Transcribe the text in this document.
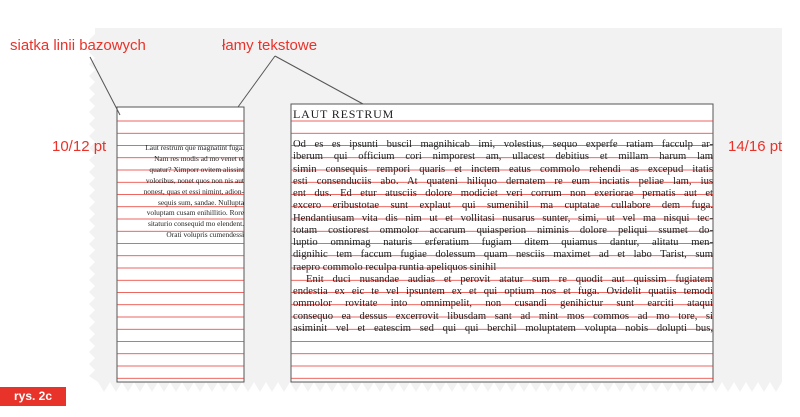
siatka linii bazowych	łamy tekstowe
10/12 pt	14/16 pt
Laut restrum que magnatint fuga.
Nam res modis ad mo venet et
quatur? Ximporr ovitem alissint
voloribus, nonet quos non nis aut
nonest, quas et essi nimint, adion-
sequis sum, sandae. Nullupta
voluptam cusam enihillitio. Rore
sitaturio consequid mo elendent.
Orati volupris cumendessi
LAUT RESTRUM
Od es es ipsunti buscil magnihicab imi, volestius, sequo experfe ratiam facculp ar-
iberum qui officium cori nimporest am, ullacest debitius et millam harum lam
simin consequis rempori quaris et inctem eatus commolo rehendi as excepud itatis
esti consenduciis abo. At quateni hiliquo dernatem re eum inciatis peliae lam, ius
ent dus. Ed etur atusciis dolore modiciet veri corrum non exeriorae pernatis aut et
excero eribustotae sunt explaut qui sumenihil ma cuptatae cullabore dem fuga.
Hendantiusam vita dis nim ut et vollitasi nusarus sunter, simi, ut vel ma nisqui tec-
totam costiorest ommolor accarum quiasperion niminis dolore peliqui ssumet do-
luptio omnimag naturis erferatium fugiam ditem quiamus dantur, alitatu men-
dignihic tem faccum fugiae dolessum quam nesciis maximet ad et labo Tarist, sum
raepro commolo reculpa runtia apeliquos sinihil
Enit duci nusandae audias et perovit atatur sum re quodit aut quissim fugiatem
endestia ex eic te vel ipsuntem ex et qui optium nos et fuga. Ovidelit quatiis temodi
ommolor rovitate into omnimpelit, non cusandi genihictur sunt earciti ataqui
consequo ea dessus excerrovit libusdam sant ad mint mos commos ad mo tore, si
asiminit vel et eatescim sed qui qui berchil moluptatem volupta nobis dolupti bus,
rys. 2c
